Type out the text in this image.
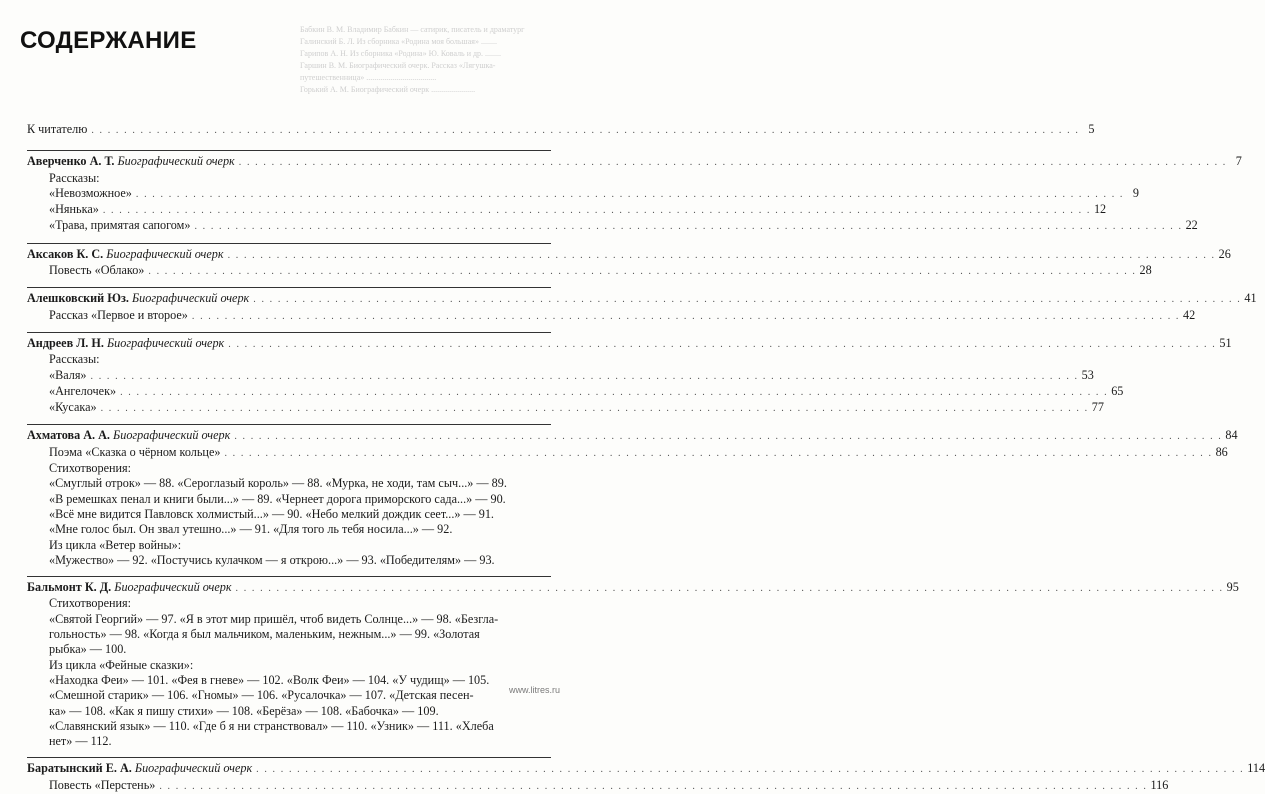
Бабкин В. М. Владимир Бабкин — сатирик, писатель и драматург
Галинский Б. Л. Из сборника «Родина моя большая» ........
Гарипов А. Н. Из сборника «Родина» Ю. Коваль и др. ........
Гаршин В. М. Биографический очерк. Рассказ «Лягушка-
путешественница» ...................................
Горький А. М. Биографический очерк ......................
СОДЕРЖАНИЕ
К читателю . . .	5
Аверченко А. Т. Биографический очерк . . .	7
Рассказы:
«Невозможное» . . .	9
«Нянька» . . .	12
«Трава, примятая сапогом» . . .	22
Аксаков К. С. Биографический очерк . . .	26
Повесть «Облако» . . .	28
Алешковский Юз. Биографический очерк . . .	41
Рассказ «Первое и второе» . . .	42
Андреев Л. Н. Биографический очерк . . .	51
Рассказы:
«Валя» . . .	53
«Ангелочек» . . .	65
«Кусака» . . .	77
Ахматова А. А. Биографический очерк . . .	84
Поэма «Сказка о чёрном кольце» . . .	86
Стихотворения:
«Смуглый отрок» — 88. «Сероглазый король» — 88. «Мурка, не ходи, там сыч...» — 89.
«В ремешках пенал и книги были...» — 89. «Чернеет дорога приморского сада...» — 90.
«Всё мне видится Павловск холмистый...» — 90. «Небо мелкий дождик сеет...» — 91.
«Мне голос был. Он звал утешно...» — 91. «Для того ль тебя носила...» — 92.
Из цикла «Ветер войны»:
«Мужество» — 92. «Постучись кулачком — я открою...» — 93. «Победителям» — 93.
Бальмонт К. Д. Биографический очерк . . .	95
Стихотворения:
«Святой Георгий» — 97. «Я в этот мир пришёл, чтоб видеть Солнце...» — 98. «Безгла-
гольность» — 98. «Когда я был мальчиком, маленьким, нежным...» — 99. «Золотая
рыбка» — 100.
Из цикла «Фейные сказки»:
«Находка Феи» — 101. «Фея в гневе» — 102. «Волк Феи» — 104. «У чудищ» — 105.
«Смешной старик» — 106. «Гномы» — 106. «Русалочка» — 107. «Детская песен-
ка» — 108. «Как я пишу стихи» — 108. «Берёза» — 108. «Бабочка» — 109.
«Славянский язык» — 110. «Где б я ни странствовал» — 110. «Узник» — 111. «Хлеба
нет» — 112.
Баратынский Е. А. Биографический очерк . . .	114
Повесть «Перстень» . . .	116
www.litres.ru
